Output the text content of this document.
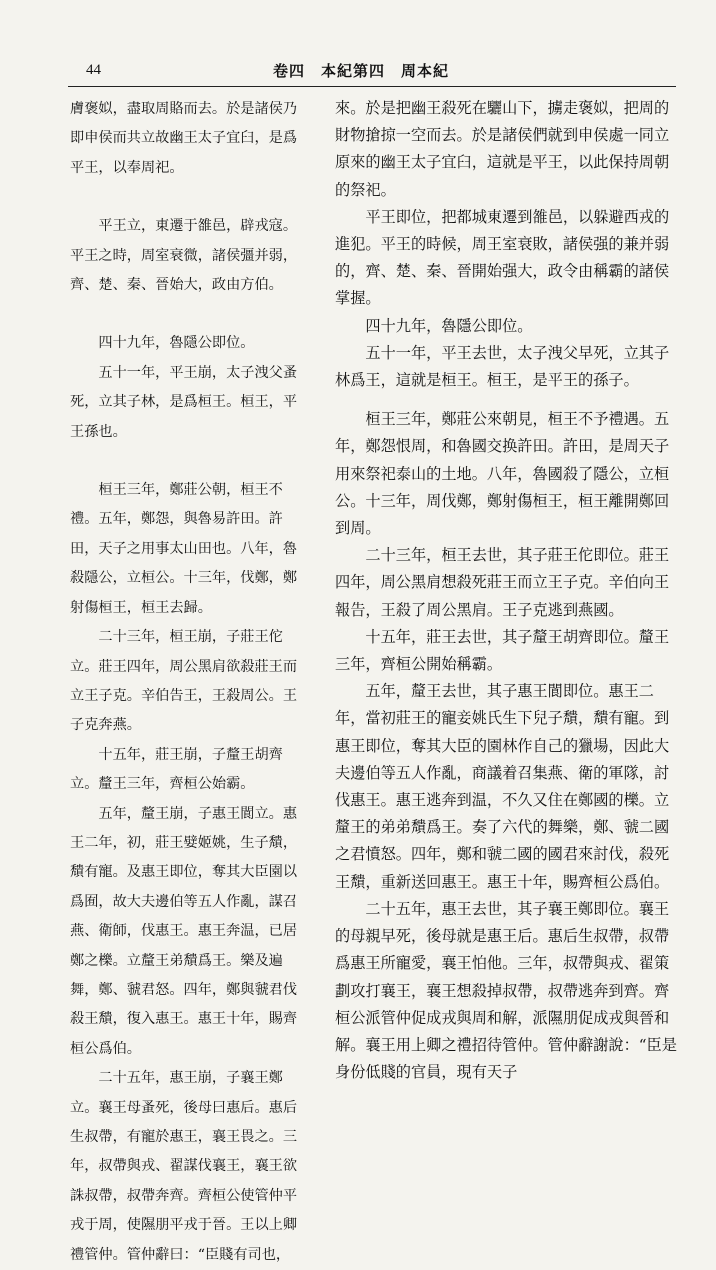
44	卷四　本紀第四　周本紀

膚褒姒，盡取周賂而去。於是諸侯乃即申侯而共立故幽王太子宜臼，是爲平王，以奉周祀。

　　平王立，東遷于雒邑，辟戎寇。平王之時，周室衰微，諸侯彊并弱，齊、楚、秦、晉始大，政由方伯。

　　四十九年，魯隱公即位。

　　五十一年，平王崩，太子洩父蚤死，立其子林，是爲桓王。桓王，平王孫也。

　　桓王三年，鄭莊公朝，桓王不禮。五年，鄭怨，與魯易許田。許田，天子之用事太山田也。八年，魯殺隱公，立桓公。十三年，伐鄭，鄭射傷桓王，桓王去歸。

　　二十三年，桓王崩，子莊王佗立。莊王四年，周公黑肩欲殺莊王而立王子克。辛伯告王，王殺周公。王子克奔燕。

　　十五年，莊王崩，子釐王胡齊立。釐王三年，齊桓公始霸。

　　五年，釐王崩，子惠王閬立。惠王二年，初，莊王嬖姬姚，生子穨，穨有寵。及惠王即位，奪其大臣園以爲囿，故大夫邊伯等五人作亂，謀召燕、衛師，伐惠王。惠王奔温，已居鄭之櫟。立釐王弟穨爲王。樂及遍舞，鄭、虢君怒。四年，鄭與虢君伐殺王穨，復入惠王。惠王十年，賜齊桓公爲伯。

　　二十五年，惠王崩，子襄王鄭立。襄王母蚤死，後母曰惠后。惠后生叔帶，有寵於惠王，襄王畏之。三年，叔帶與戎、翟謀伐襄王，襄王欲誅叔帶，叔帶奔齊。齊桓公使管仲平戎于周，使隰朋平戎于晉。王以上卿禮管仲。管仲辭曰：“臣賤有司也，

來。於是把幽王殺死在驪山下，擄走褒姒，把周的財物搶掠一空而去。於是諸侯們就到申侯處一同立原來的幽王太子宜臼，這就是平王，以此保持周朝的祭祀。

　　平王即位，把都城東遷到雒邑，以躲避西戎的進犯。平王的時候，周王室衰敗，諸侯强的兼并弱的，齊、楚、秦、晉開始强大，政令由稱霸的諸侯掌握。

　　四十九年，魯隱公即位。

　　五十一年，平王去世，太子洩父早死，立其子林爲王，這就是桓王。桓王，是平王的孫子。

　　桓王三年，鄭莊公來朝見，桓王不予禮遇。五年，鄭怨恨周，和魯國交换許田。許田，是周天子用來祭祀泰山的土地。八年，魯國殺了隱公，立桓公。十三年，周伐鄭，鄭射傷桓王，桓王離開鄭回到周。

　　二十三年，桓王去世，其子莊王佗即位。莊王四年，周公黑肩想殺死莊王而立王子克。辛伯向王報告，王殺了周公黑肩。王子克逃到燕國。

　　十五年，莊王去世，其子釐王胡齊即位。釐王三年，齊桓公開始稱霸。

　　五年，釐王去世，其子惠王閬即位。惠王二年，當初莊王的寵妾姚氏生下兒子穨，穨有寵。到惠王即位，奪其大臣的園林作自己的獵場，因此大夫邊伯等五人作亂，商議着召集燕、衛的軍隊，討伐惠王。惠王逃奔到温，不久又住在鄭國的櫟。立釐王的弟弟穨爲王。奏了六代的舞樂，鄭、虢二國之君憤怒。四年，鄭和虢二國的國君來討伐，殺死王穨，重新送回惠王。惠王十年，賜齊桓公爲伯。

　　二十五年，惠王去世，其子襄王鄭即位。襄王的母親早死，後母就是惠王后。惠后生叔帶，叔帶爲惠王所寵愛，襄王怕他。三年，叔帶與戎、翟策劃攻打襄王，襄王想殺掉叔帶，叔帶逃奔到齊。齊桓公派管仲促成戎與周和解，派隰朋促成戎與晉和解。襄王用上卿之禮招待管仲。管仲辭謝說：“臣是身份低賤的官員，現有天子
